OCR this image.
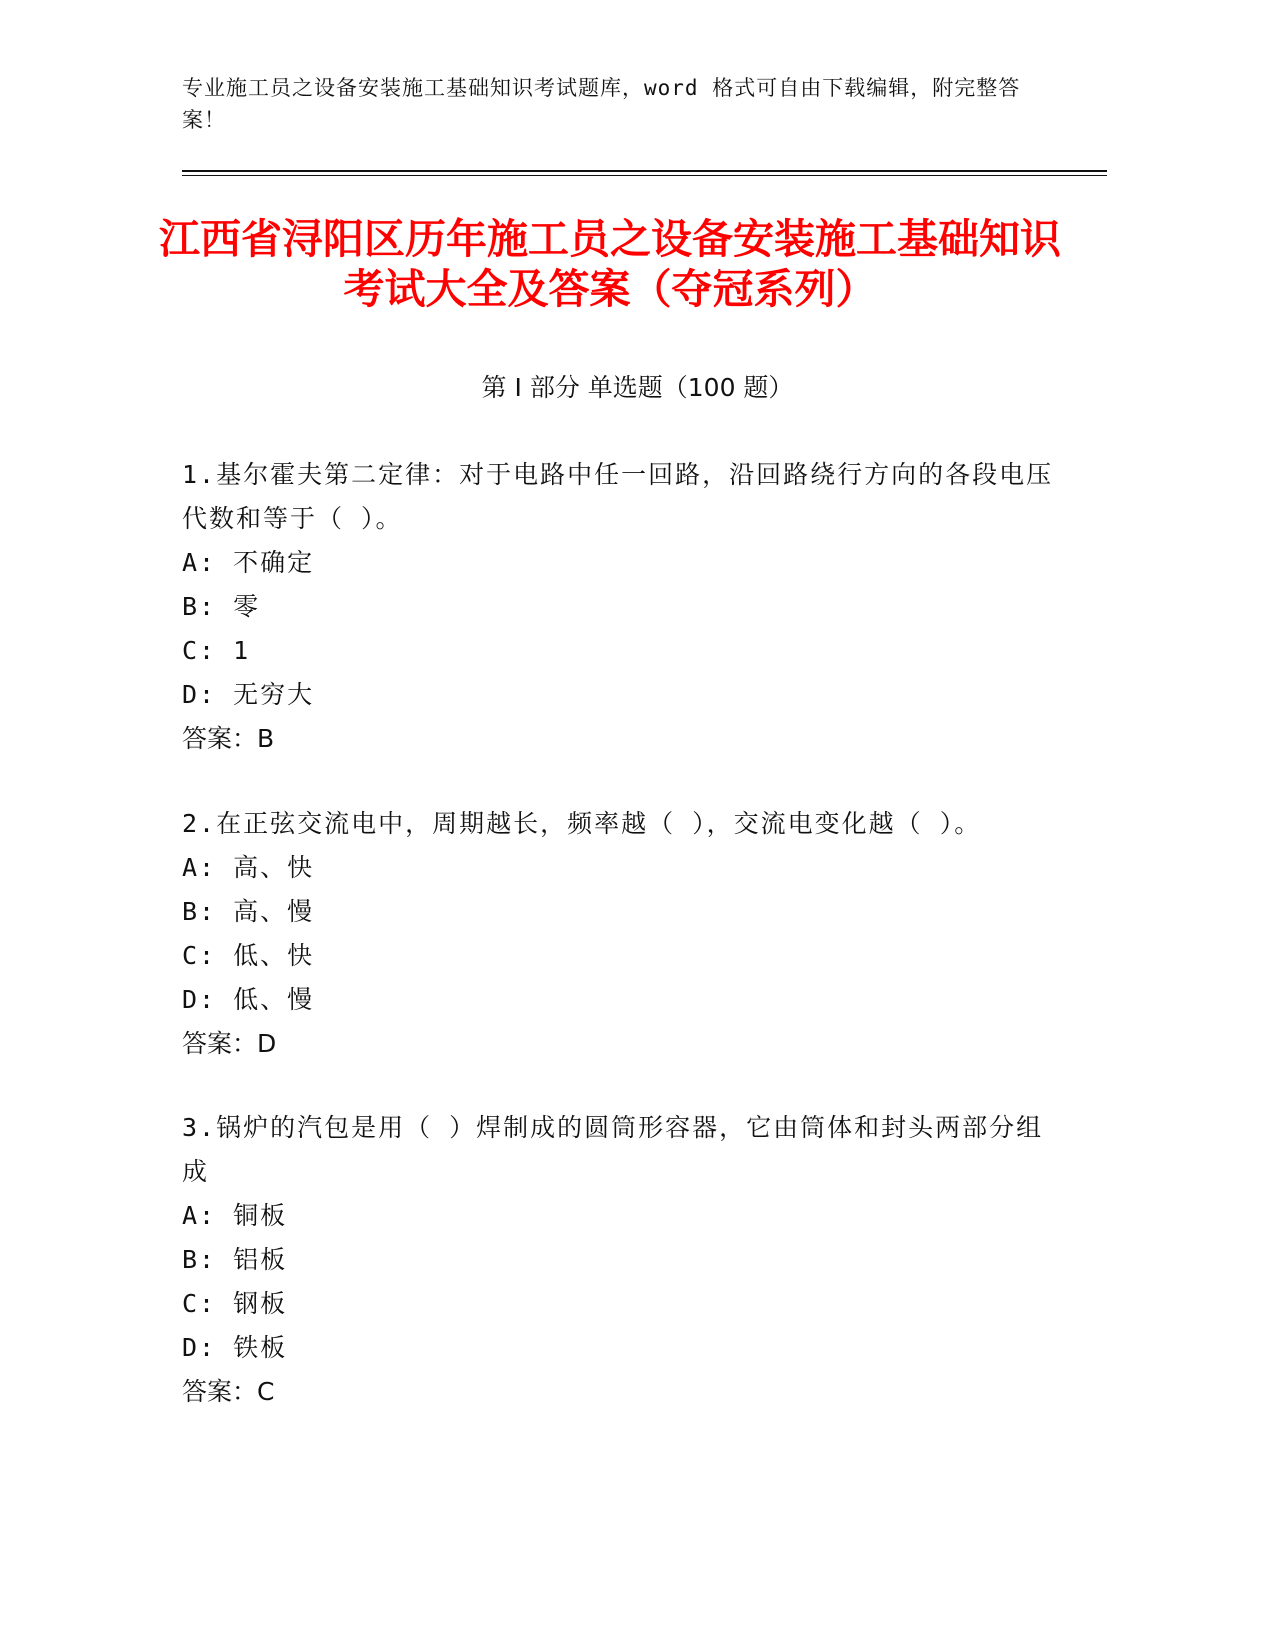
专业施工员之设备安装施工基础知识考试题库，word 格式可自由下载编辑，附完整答案！
江西省浔阳区历年施工员之设备安装施工基础知识考试大全及答案（夺冠系列）
第 I 部分 单选题（100 题）
1.基尔霍夫第二定律：对于电路中任一回路，沿回路绕行方向的各段电压代数和等于（ ）。
A: 不确定
B: 零
C: 1
D: 无穷大
答案：B
2.在正弦交流电中，周期越长，频率越（ ），交流电变化越（ ）。
A: 高、快
B: 高、慢
C: 低、快
D: 低、慢
答案：D
3.锅炉的汽包是用（ ）焊制成的圆筒形容器，它由筒体和封头两部分组成
A: 铜板
B: 铝板
C: 钢板
D: 铁板
答案：C
